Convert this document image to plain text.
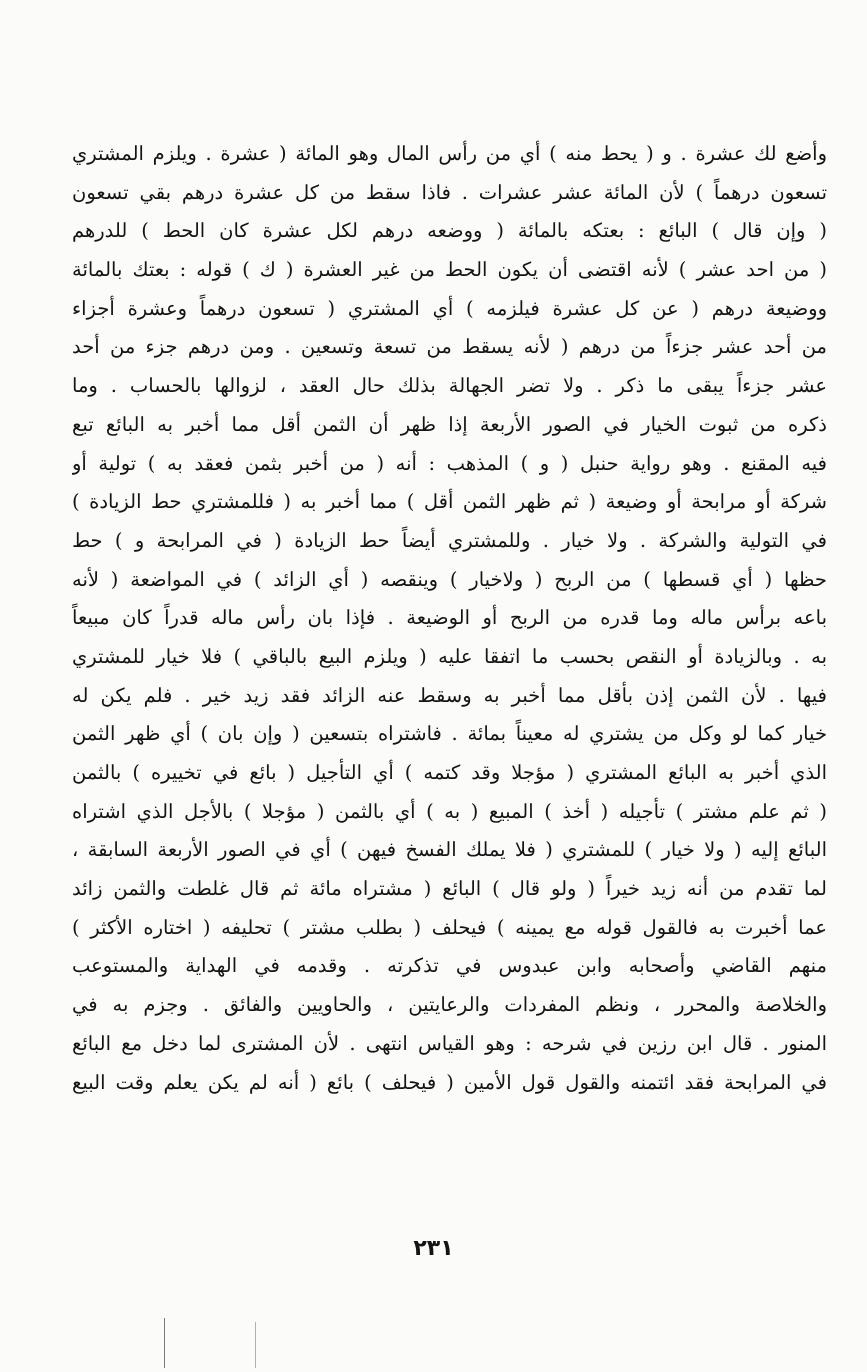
وأضع لك عشرة . و ( يحط منه ) أي من رأس المال وهو المائة ( عشرة . ويلزم المشتري
تسعون درهماً ) لأن المائة عشر عشرات . فاذا سقط من كل عشرة درهم بقي تسعون
( وإن قال ) البائع : بعتكه بالمائة ( ووضعه درهم لكل عشرة كان الحط ) للدرهم
( من احد عشر ) لأنه اقتضى أن يكون الحط من غير العشرة ( ك ) قوله : بعتك بالمائة
ووضيعة درهم ( عن كل عشرة فيلزمه ) أي المشتري ( تسعون درهماً وعشرة أجزاء
من أحد عشر جزءاً من درهم ( لأنه يسقط من تسعة وتسعين . ومن درهم جزء من أحد
عشر جزءاً يبقى ما ذكر . ولا تضر الجهالة بذلك حال العقد ، لزوالها بالحساب . وما
ذكره من ثبوت الخيار في الصور الأربعة إذا ظهر أن الثمن أقل مما أخبر به البائع تبع
فيه المقنع . وهو رواية حنبل ( و ) المذهب : أنه ( من أخبر بثمن فعقد به ) تولية أو
شركة أو مرابحة أو وضيعة ( ثم ظهر الثمن أقل ) مما أخبر به ( فللمشتري حط الزيادة )
في التولية والشركة . ولا خيار . وللمشتري أيضاً حط الزيادة ( في المرابحة و ) حط
حظها ( أي قسطها ) من الربح ( ولاخيار ) وينقصه ( أي الزائد ) في المواضعة ( لأنه
باعه برأس ماله وما قدره من الربح أو الوضيعة . فإذا بان رأس ماله قدراً كان مبيعاً
به . وبالزيادة أو النقص بحسب ما اتفقا عليه ( ويلزم البيع بالباقي ) فلا خيار للمشتري
فيها . لأن الثمن إذن بأقل مما أخبر به وسقط عنه الزائد فقد زيد خير . فلم يكن له
خيار كما لو وكل من يشتري له معيناً بمائة . فاشتراه بتسعين ( وإن بان ) أي ظهر الثمن
الذي أخبر به البائع المشتري ( مؤجلا وقد كتمه ) أي التأجيل ( بائع في تخييره ) بالثمن
( ثم علم مشتر ) تأجيله ( أخذ ) المبيع ( به ) أي بالثمن ( مؤجلا ) بالأجل الذي اشتراه
البائع إليه ( ولا خيار ) للمشتري ( فلا يملك الفسخ فيهن ) أي في الصور الأربعة السابقة ،
لما تقدم من أنه زيد خيراً ( ولو قال ) البائع ( مشتراه مائة ثم قال غلطت والثمن زائد
عما أخبرت به فالقول قوله مع يمينه ) فيحلف ( بطلب مشتر ) تحليفه ( اختاره الأكثر )
منهم القاضي وأصحابه وابن عبدوس في تذكرته . وقدمه في الهداية والمستوعب
والخلاصة والمحرر ، ونظم المفردات والرعايتين ، والحاويين والفائق . وجزم به في
المنور . قال ابن رزين في شرحه : وهو القياس انتهى . لأن المشترى لما دخل مع البائع
في المرابحة فقد ائتمنه والقول قول الأمين ( فيحلف ) بائع ( أنه لم يكن يعلم وقت البيع
٢٣١
